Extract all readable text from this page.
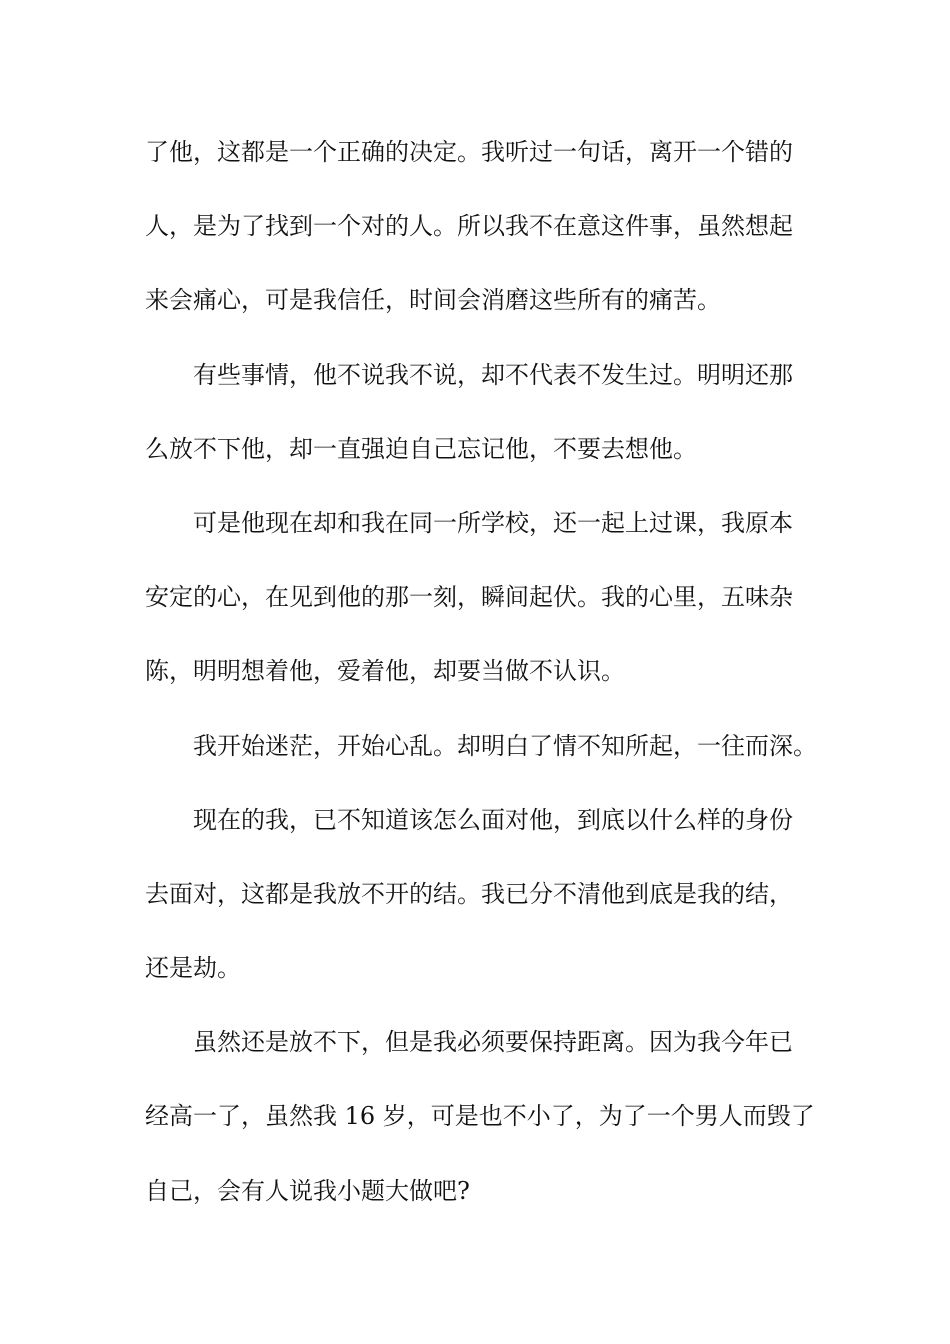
了他，这都是一个正确的决定。我听过一句话，离开一个错的
人，是为了找到一个对的人。所以我不在意这件事，虽然想起
来会痛心，可是我信任，时间会消磨这些所有的痛苦。
有些事情，他不说我不说，却不代表不发生过。明明还那
么放不下他，却一直强迫自己忘记他，不要去想他。
可是他现在却和我在同一所学校，还一起上过课，我原本
安定的心，在见到他的那一刻，瞬间起伏。我的心里，五味杂
陈，明明想着他，爱着他，却要当做不认识。
我开始迷茫，开始心乱。却明白了情不知所起，一往而深。
现在的我，已不知道该怎么面对他，到底以什么样的身份
去面对，这都是我放不开的结。我已分不清他到底是我的结，
还是劫。
虽然还是放不下，但是我必须要保持距离。因为我今年已
经高一了，虽然我 16 岁，可是也不小了，为了一个男人而毁了
自己，会有人说我小题大做吧?
